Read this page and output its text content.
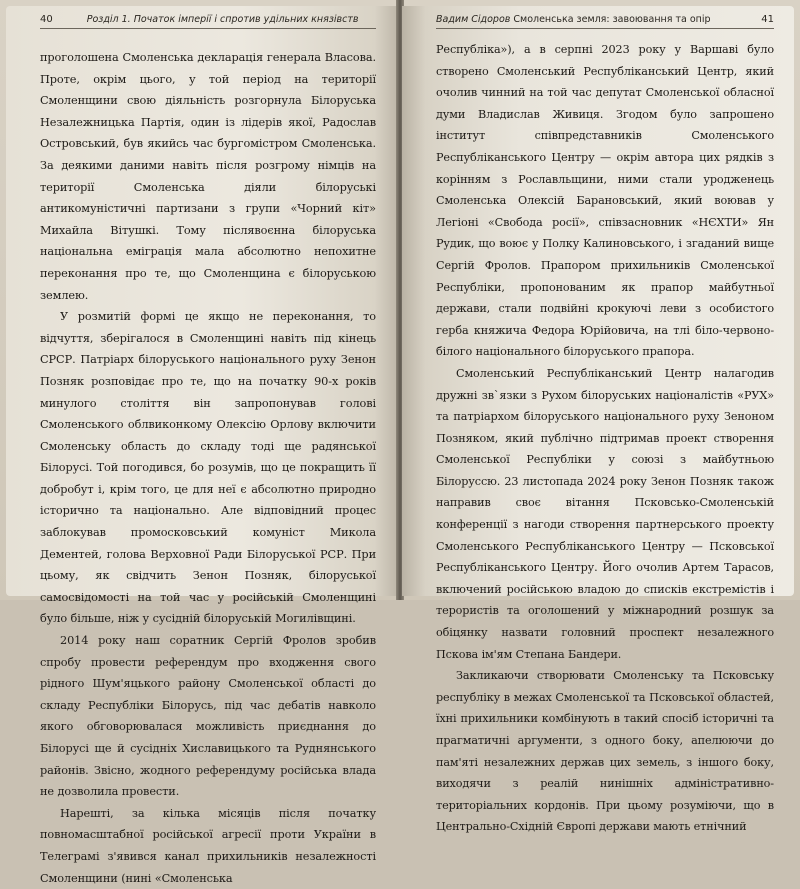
40	Розділ 1. Початок імперії і спротив удільних князівств

проголошена Смоленська декларація генерала Власова. Проте, окрім цього, у той період на території Смоленщини свою діяльність розгорнула Білоруська Незалежницька Партія, один із лідерів якої, Радослав Островський, був якийсь час бургомістром Смоленська. За деякими даними навіть після розгрому німців на території Смоленська діяли білоруські антикомуністичні партизани з групи «Чорний кіт» Михайла Вітушкі. Тому післявоєнна білоруська національна еміграція мала абсолютно непохитне переконання про те, що Смоленщина є білоруською землею.

У розмитій формі це якщо не переконання, то відчуття, зберігалося в Смоленщині навіть під кінець СРСР. Патріарх білоруського національного руху Зенон Позняк розповідає про те, що на початку 90-х років минулого століття він запропонував голові Смоленського облвиконкому Олексію Орлову включити Смоленську область до складу тоді ще радянської Білорусі. Той погодився, бо розумів, що це покращить її добробут і, крім того, це для неї є абсолютно природно історично та національно. Але відповідний процес заблокував промосковський комуніст Микола Дементей, голова Верховної Ради Білоруської РСР. При цьому, як свідчить Зенон Позняк, білоруської самосвідомості на той час у російській Смоленщині було більше, ніж у сусідній білоруській Могилівщині.

2014 року наш соратник Сергій Фролов зробив спробу провести референдум про входження свого рідного Шум'яцького району Смоленської області до складу Республіки Білорусь, під час дебатів навколо якого обговорювалася можливість приєднання до Білорусі ще й сусідніх Хиславицького та Руднянського районів. Звісно, жодного референдуму російська влада не дозволила провести.

Нарешті, за кілька місяців після початку повномасштабної російської агресії проти України в Телеграмі з'явився канал прихильників незалежності Смоленщини (нині «Смоленська

Вадим Сідоров
Смоленська земля: завоювання та опір	41

Республіка»), а в серпні 2023 року у Варшаві було створено Смоленський Республіканський Центр, який очолив чинний на той час депутат Смоленської обласної думи Владислав Живиця. Згодом було запрошено інститут співпредставників Смоленського Республіканського Центру — окрім автора цих рядків з корінням з Рославльщини, ними стали уродженець Смоленська Олексій Барановський, який воював у Легіоні «Свобода росії», співзасновник «НЄХТИ» Ян Рудик, що воює у Полку Калиновського, і згаданий вище Сергій Фролов. Прапором прихильників Смоленської Республіки, пропонованим як прапор майбутньої держави, стали подвійні крокуючі леви з особистого герба княжича Федора Юрійовича, на тлі біло-червоно-білого національного білоруського прапора.

Смоленський Республіканський Центр налагодив дружні зв`язки з Рухом білоруських націоналістів «РУХ» та патріархом білоруського національного руху Зеноном Позняком, який публічно підтримав проект створення Смоленської Республіки у союзі з майбутньою Білоруссю. 23 листопада 2024 року Зенон Позняк також направив своє вітання Псковсько-Смоленській конференції з нагоди створення партнерського проекту Смоленського Республіканського Центру — Псковської Республіканського Центру. Його очолив Артем Тарасов, включений російською владою до списків екстремістів і терористів та оголошений у міжнародний розшук за обіцянку назвати головний проспект незалежного Пскова ім'ям Степана Бандери.

Закликаючи створювати Смоленську та Псковську республіку в межах Смоленської та Псковської областей, їхні прихильники комбінують в такий спосіб історичні та прагматичні аргументи, з одного боку, апелюючи до пам'яті незалежних держав цих земель, з іншого боку, виходячи з реалій нинішніх адміністративно-територіальних кордонів. При цьому розуміючи, що в Центрально-Східній Європі держави мають етнічний
